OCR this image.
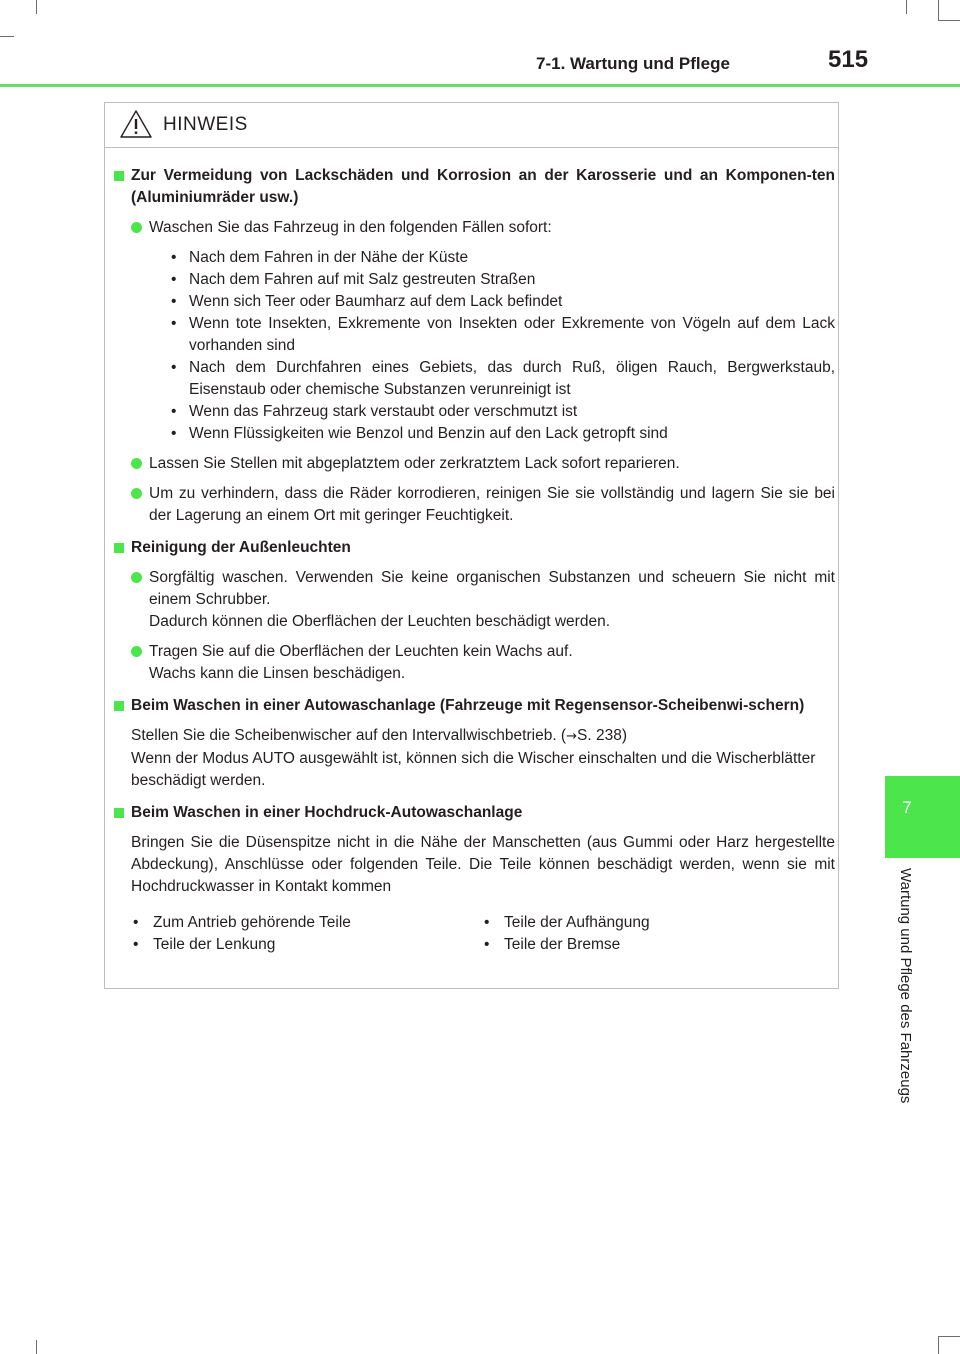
7-1. Wartung und Pflege	515
7
Wartung und Pflege des Fahrzeugs
HINWEIS
Zur Vermeidung von Lackschäden und Korrosion an der Karosserie und an Komponen-ten (Aluminiumräder usw.)
Waschen Sie das Fahrzeug in den folgenden Fällen sofort:
• Nach dem Fahren in der Nähe der Küste
• Nach dem Fahren auf mit Salz gestreuten Straßen
• Wenn sich Teer oder Baumharz auf dem Lack befindet
• Wenn tote Insekten, Exkremente von Insekten oder Exkremente von Vögeln auf dem Lack vorhanden sind
• Nach dem Durchfahren eines Gebiets, das durch Ruß, öligen Rauch, Bergwerkstaub, Eisenstaub oder chemische Substanzen verunreinigt ist
• Wenn das Fahrzeug stark verstaubt oder verschmutzt ist
• Wenn Flüssigkeiten wie Benzol und Benzin auf den Lack getropft sind
Lassen Sie Stellen mit abgeplatztem oder zerkratztem Lack sofort reparieren.
Um zu verhindern, dass die Räder korrodieren, reinigen Sie sie vollständig und lagern Sie sie bei der Lagerung an einem Ort mit geringer Feuchtigkeit.
Reinigung der Außenleuchten
Sorgfältig waschen. Verwenden Sie keine organischen Substanzen und scheuern Sie nicht mit einem Schrubber.
Dadurch können die Oberflächen der Leuchten beschädigt werden.
Tragen Sie auf die Oberflächen der Leuchten kein Wachs auf.
Wachs kann die Linsen beschädigen.
Beim Waschen in einer Autowaschanlage (Fahrzeuge mit Regensensor-Scheibenwi-schern)
Stellen Sie die Scheibenwischer auf den Intervallwischbetrieb. (→S. 238)
Wenn der Modus AUTO ausgewählt ist, können sich die Wischer einschalten und die Wischerblätter beschädigt werden.
Beim Waschen in einer Hochdruck-Autowaschanlage
Bringen Sie die Düsenspitze nicht in die Nähe der Manschetten (aus Gummi oder Harz hergestellte Abdeckung), Anschlüsse oder folgenden Teile. Die Teile können beschädigt werden, wenn sie mit Hochdruckwasser in Kontakt kommen
• Zum Antrieb gehörende Teile
• Teile der Lenkung
• Teile der Aufhängung
• Teile der Bremse
